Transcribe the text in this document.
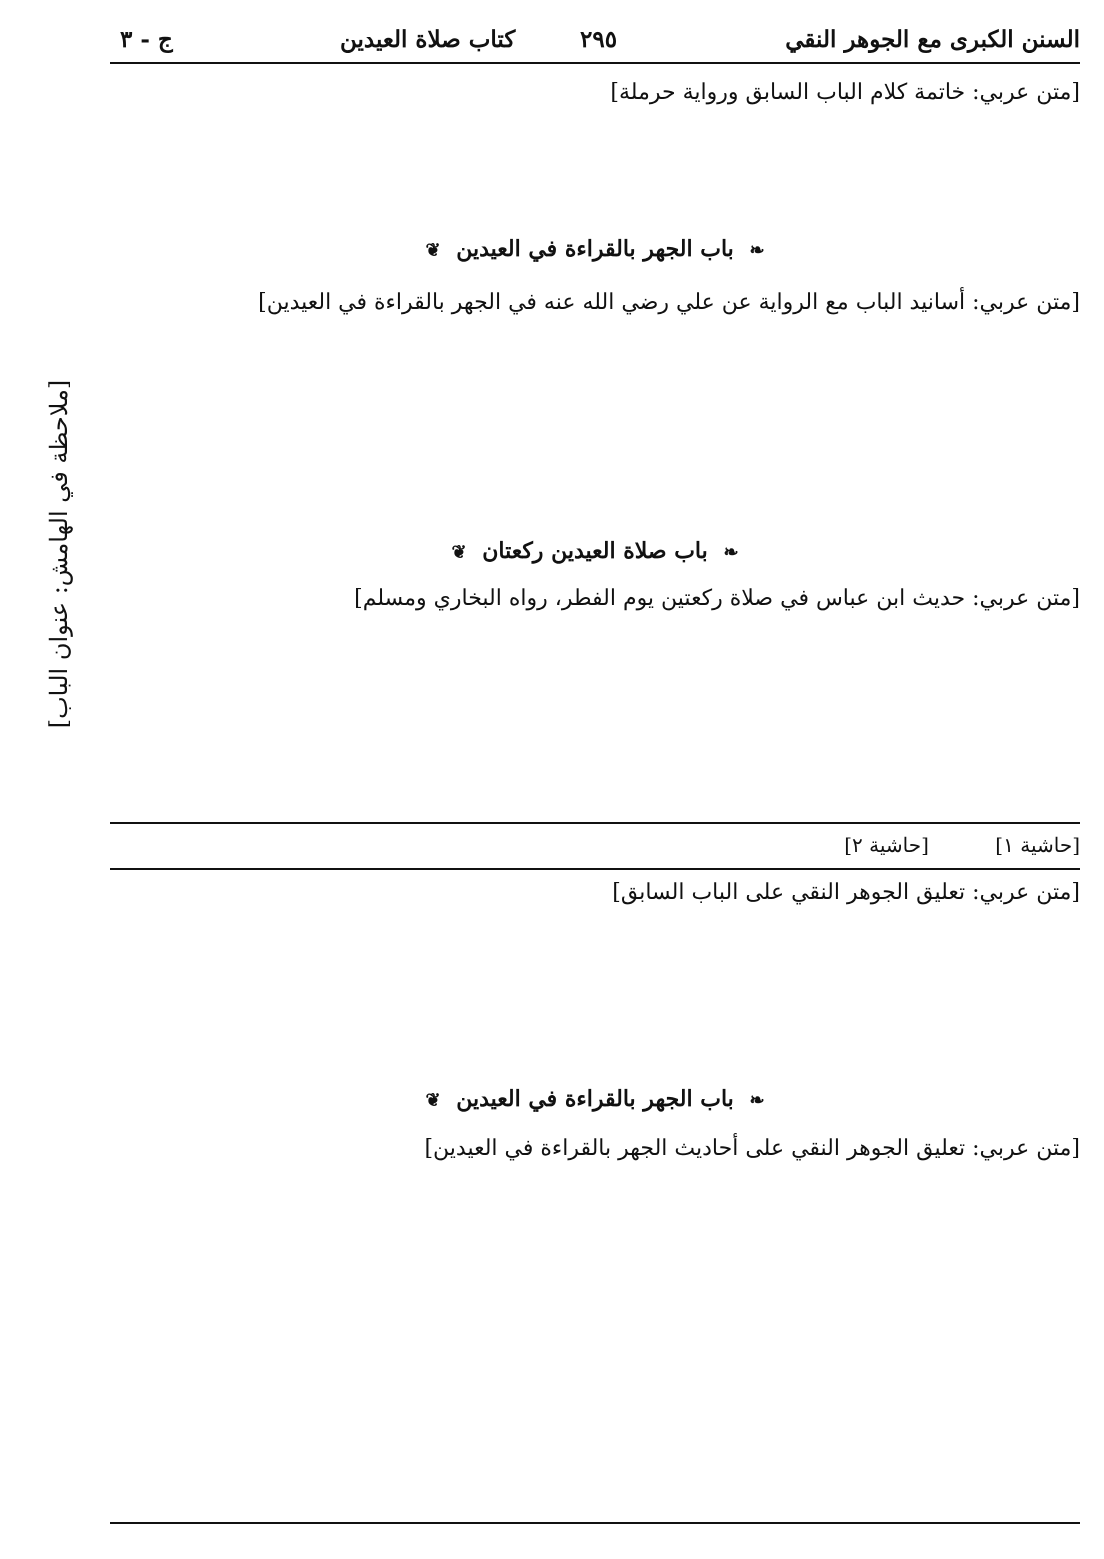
السنن الكبرى مع الجوهر النقي
٢٩٥
كتاب صلاة العيدين
ج - ٣
[ملاحظة في الهامش: عنوان الباب]
[متن عربي: خاتمة كلام الباب السابق ورواية حرملة]
❧ باب الجهر بالقراءة في العيدين ❦
[متن عربي: أسانيد الباب مع الرواية عن علي رضي الله عنه في الجهر بالقراءة في العيدين]
❧ باب صلاة العيدين ركعتان ❦
[متن عربي: حديث ابن عباس في صلاة ركعتين يوم الفطر، رواه البخاري ومسلم]
[حاشية ١] [حاشية ٢]
[متن عربي: تعليق الجوهر النقي على الباب السابق]
❧ باب الجهر بالقراءة في العيدين ❦
[متن عربي: تعليق الجوهر النقي على أحاديث الجهر بالقراءة في العيدين]
